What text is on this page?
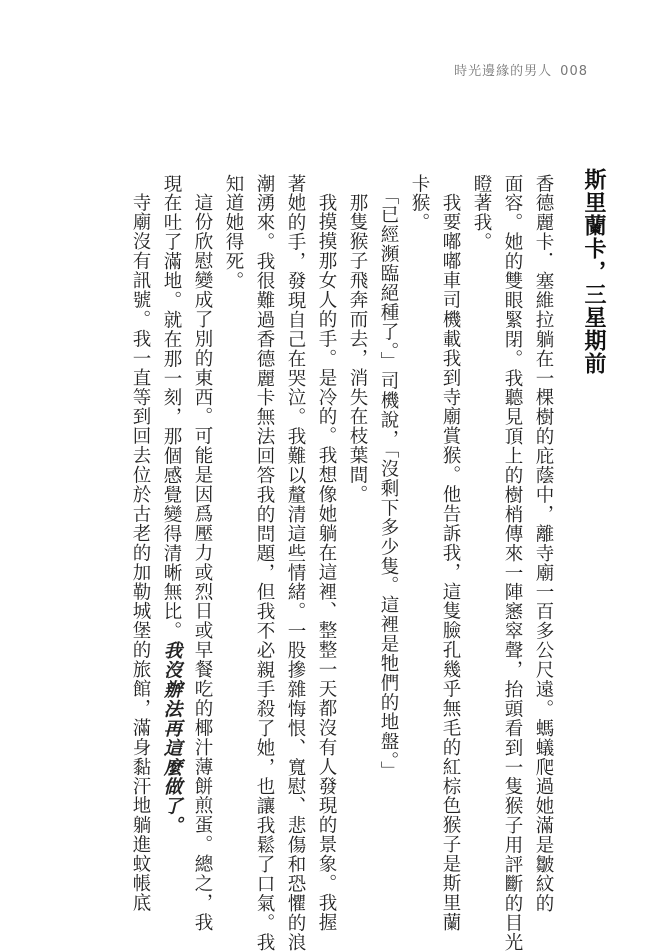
時光邊緣的男人 008
斯里蘭卡，三星期前
香德麗卡．塞維拉躺在一棵樹的庇蔭中，離寺廟一百多公尺遠。螞蟻爬過她滿是皺紋的
面容。她的雙眼緊閉。我聽見頂上的樹梢傳來一陣窸窣聲，抬頭看到一隻猴子用評斷的目光
瞪著我。
我要嘟嘟車司機載我到寺廟賞猴。他告訴我，這隻臉孔幾乎無毛的紅棕色猴子是斯里蘭
卡猴。
「已經瀕臨絕種了。」司機說，「沒剩下多少隻。這裡是牠們的地盤。」
那隻猴子飛奔而去，消失在枝葉間。
我摸摸那女人的手。是冷的。我想像她躺在這裡、整整一天都沒有人發現的景象。我握
著她的手，發現自己在哭泣。我難以釐清這些情緒。一股摻雜悔恨、寬慰、悲傷和恐懼的浪
潮湧來。我很難過香德麗卡無法回答我的問題，但我不必親手殺了她，也讓我鬆了口氣。我
知道她得死。
這份欣慰變成了別的東西。可能是因爲壓力或烈日或早餐吃的椰汁薄餅煎蛋。總之，我
現在吐了滿地。就在那一刻，那個感覺變得清晰無比。我沒辦法再這麼做了。
寺廟沒有訊號。我一直等到回去位於古老的加勒城堡的旅館，滿身黏汗地躺進蚊帳底
